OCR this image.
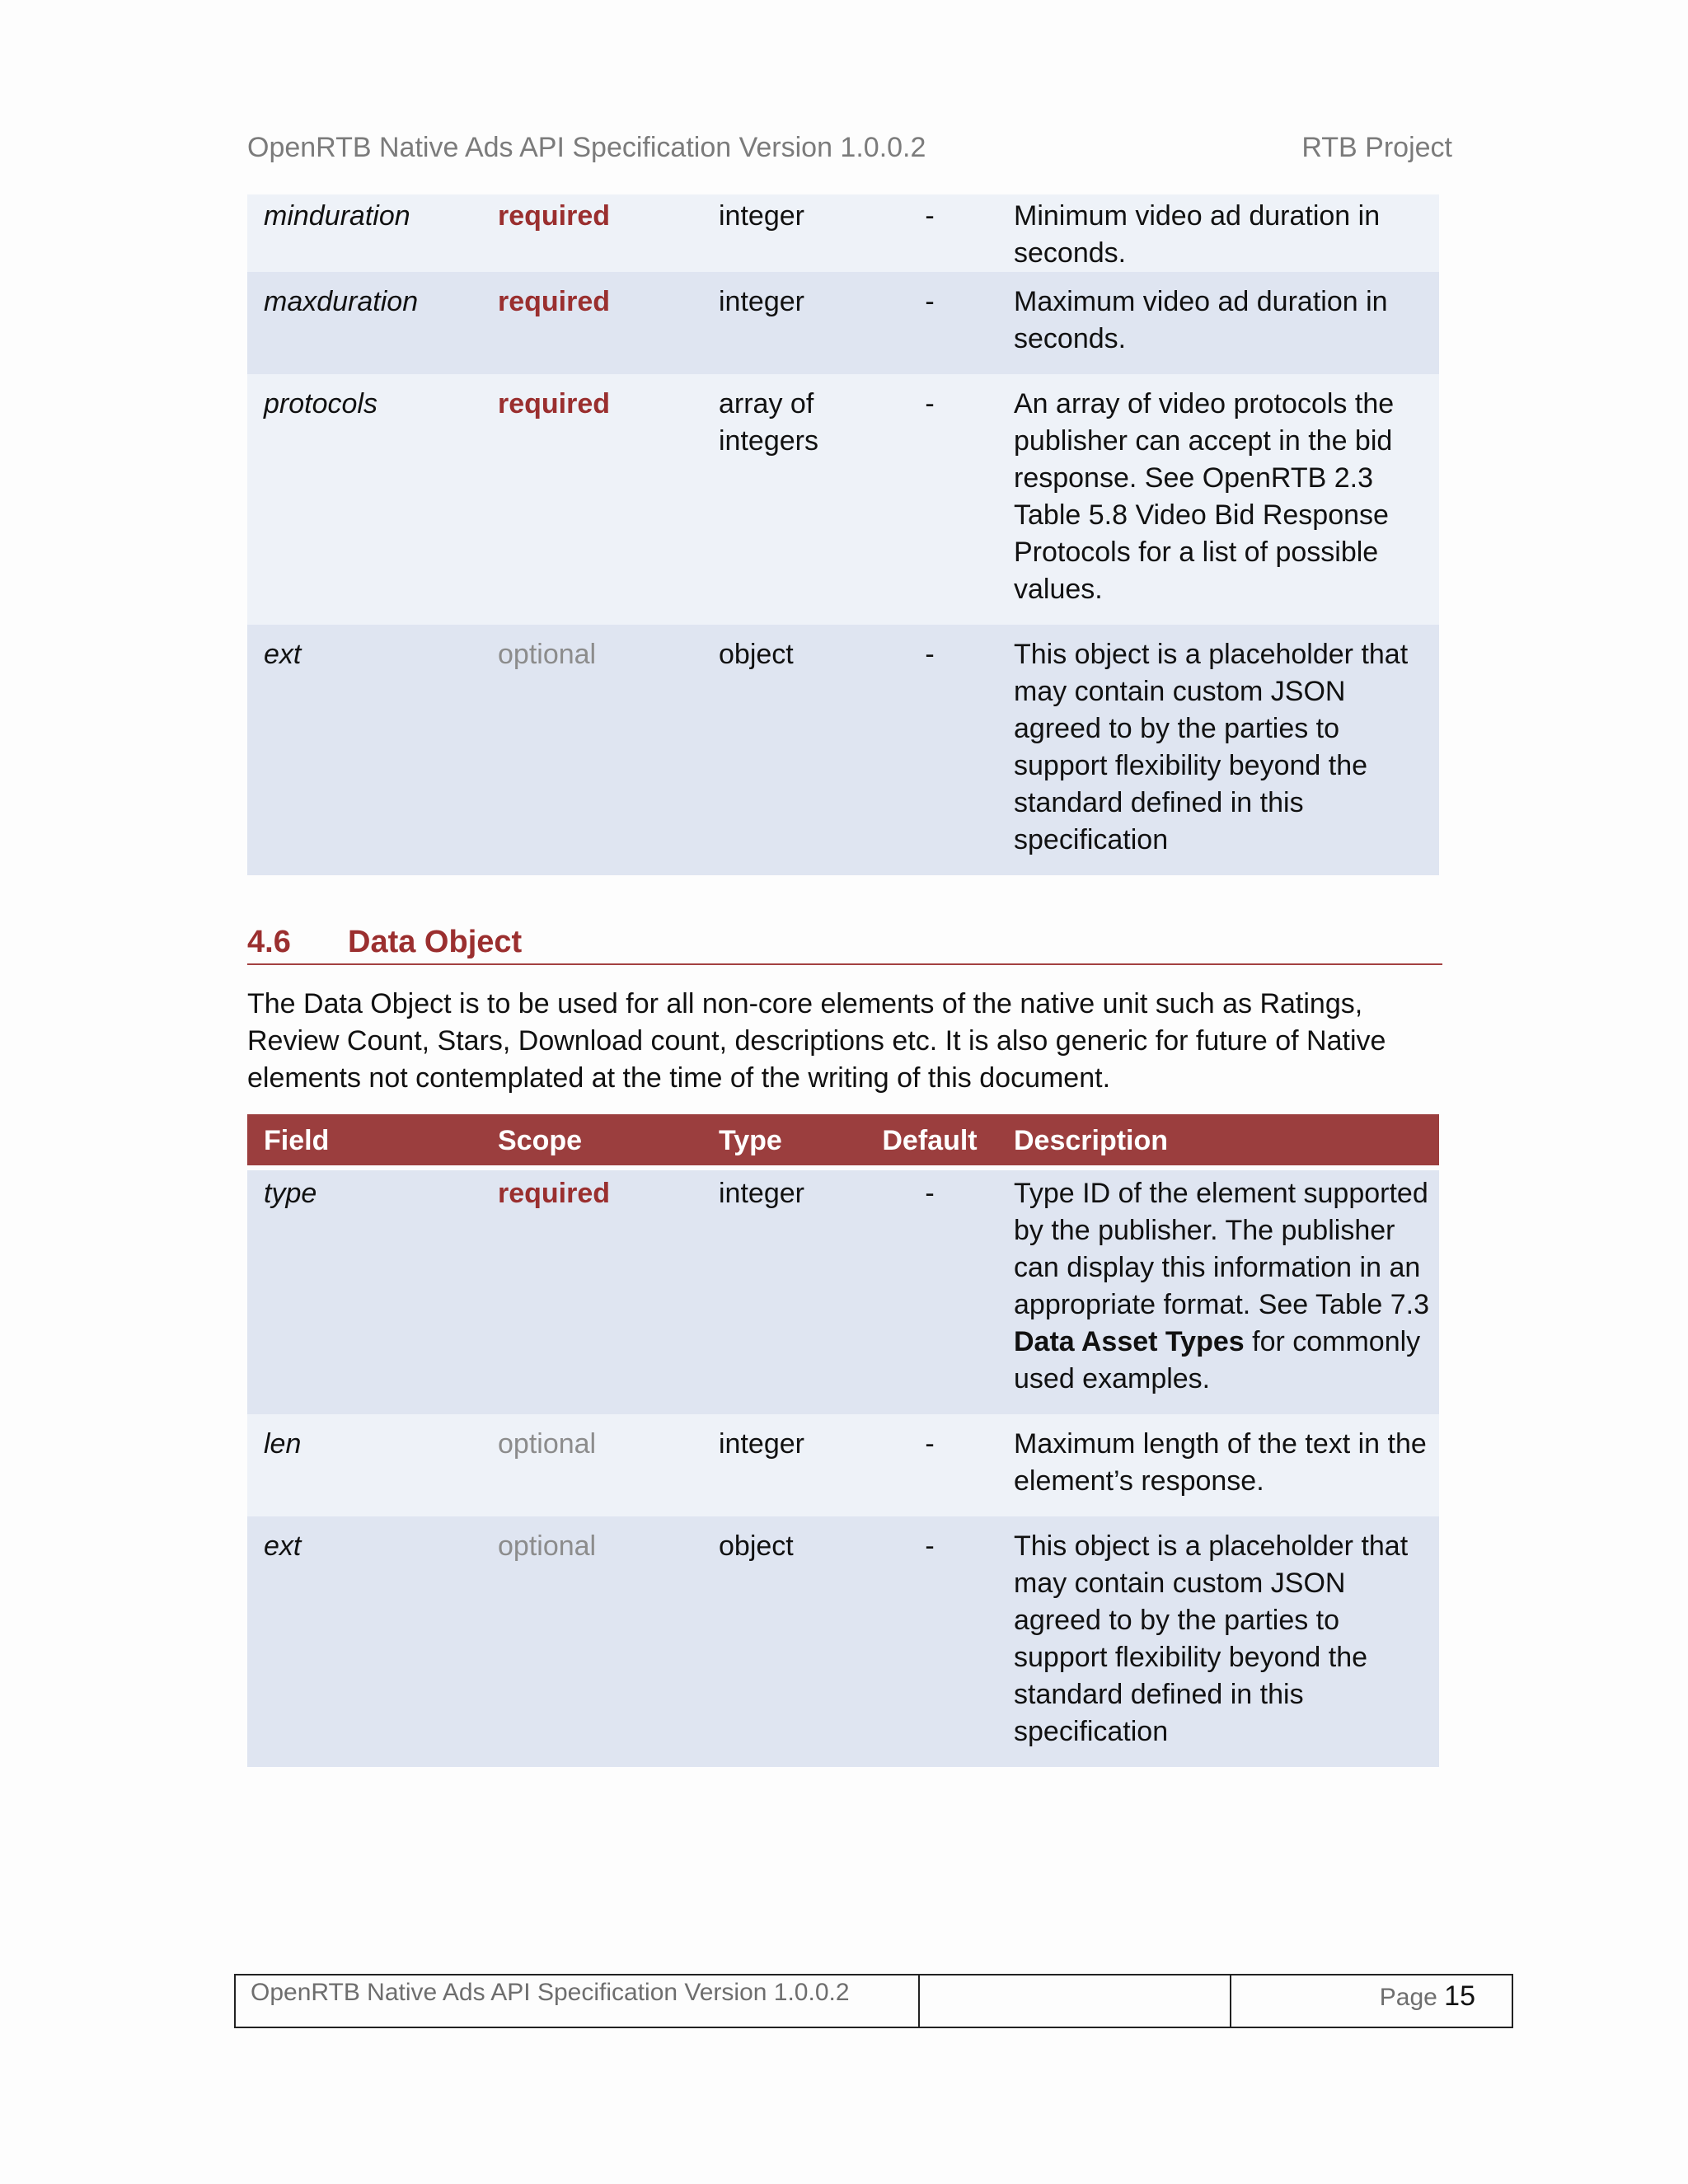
OpenRTB Native Ads API Specification Version 1.0.0.2	RTB Project
minduration	required	integer	-	Minimum video ad duration in seconds.
maxduration	required	integer	-	Maximum video ad duration in seconds.
protocols	required	array of integers	-	An array of video protocols the publisher can accept in the bid response. See OpenRTB 2.3 Table 5.8 Video Bid Response Protocols for a list of possible values.
ext	optional	object	-	This object is a placeholder that may contain custom JSON agreed to by the parties to support flexibility beyond the standard defined in this specification
4.6 Data Object
The Data Object is to be used for all non-core elements of the native unit such as Ratings, Review Count, Stars, Download count, descriptions etc. It is also generic for future of Native elements not contemplated at the time of the writing of this document.
Field	Scope	Type	Default	Description

type	required	integer	-	Type ID of the element supported by the publisher. The publisher can display this information in an appropriate format. See Table 7.3 Data Asset Types for commonly used examples.
len	optional	integer	-	Maximum length of the text in the element’s response.
ext	optional	object	-	This object is a placeholder that may contain custom JSON agreed to by the parties to support flexibility beyond the standard defined in this specification
OpenRTB Native Ads API Specification Version 1.0.0.2	Page 15
